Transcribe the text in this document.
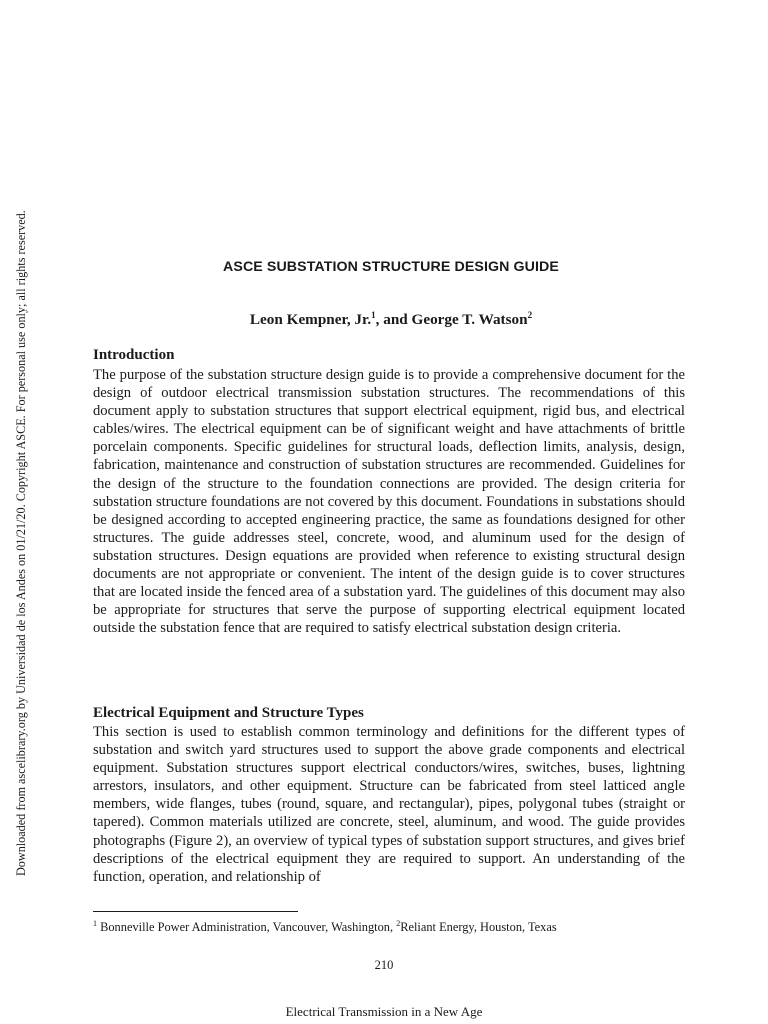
Downloaded from ascelibrary.org by Universidad de los Andes on 01/21/20. Copyright ASCE. For personal use only; all rights reserved.	ASCE SUBSTATION STRUCTURE DESIGN GUIDE
Leon Kempner, Jr.$^1$, and George T. Watson$^2$
Introduction
The purpose of the substation structure design guide is to provide a comprehensive document for the design of outdoor electrical transmission substation structures. The recommendations of this document apply to substation structures that support electrical equipment, rigid bus, and electrical cables/wires. The electrical equipment can be of significant weight and have attachments of brittle porcelain components. Specific guidelines for structural loads, deflection limits, analysis, design, fabrication, maintenance and construction of substation structures are recommended. Guidelines for the design of the structure to the foundation connections are provided. The design criteria for substation structure foundations are not covered by this document. Foundations in substations should be designed according to accepted engineering practice, the same as foundations designed for other structures. The guide addresses steel, concrete, wood, and aluminum used for the design of substation structures. Design equations are provided when reference to existing structural design documents are not appropriate or convenient. The intent of the design guide is to cover structures that are located inside the fenced area of a substation yard. The guidelines of this document may also be appropriate for structures that serve the purpose of supporting electrical equipment located outside the substation fence that are required to satisfy electrical substation design criteria.
Electrical Equipment and Structure Types
This section is used to establish common terminology and definitions for the different types of substation and switch yard structures used to support the above grade components and electrical equipment. Substation structures support electrical conductors/wires, switches, buses, lightning arrestors, insulators, and other equipment. Structure can be fabricated from steel latticed angle members, wide flanges, tubes (round, square, and rectangular), pipes, polygonal tubes (straight or tapered). Common materials utilized are concrete, steel, aluminum, and wood. The guide provides photographs (Figure 2), an overview of typical types of substation support structures, and gives brief descriptions of the electrical equipment they are required to support. An understanding of the function, operation, and relationship of
$^1$ Bonneville Power Administration, Vancouver, Washington, $^2$Reliant Energy, Houston, Texas
210
Electrical Transmission in a New Age
